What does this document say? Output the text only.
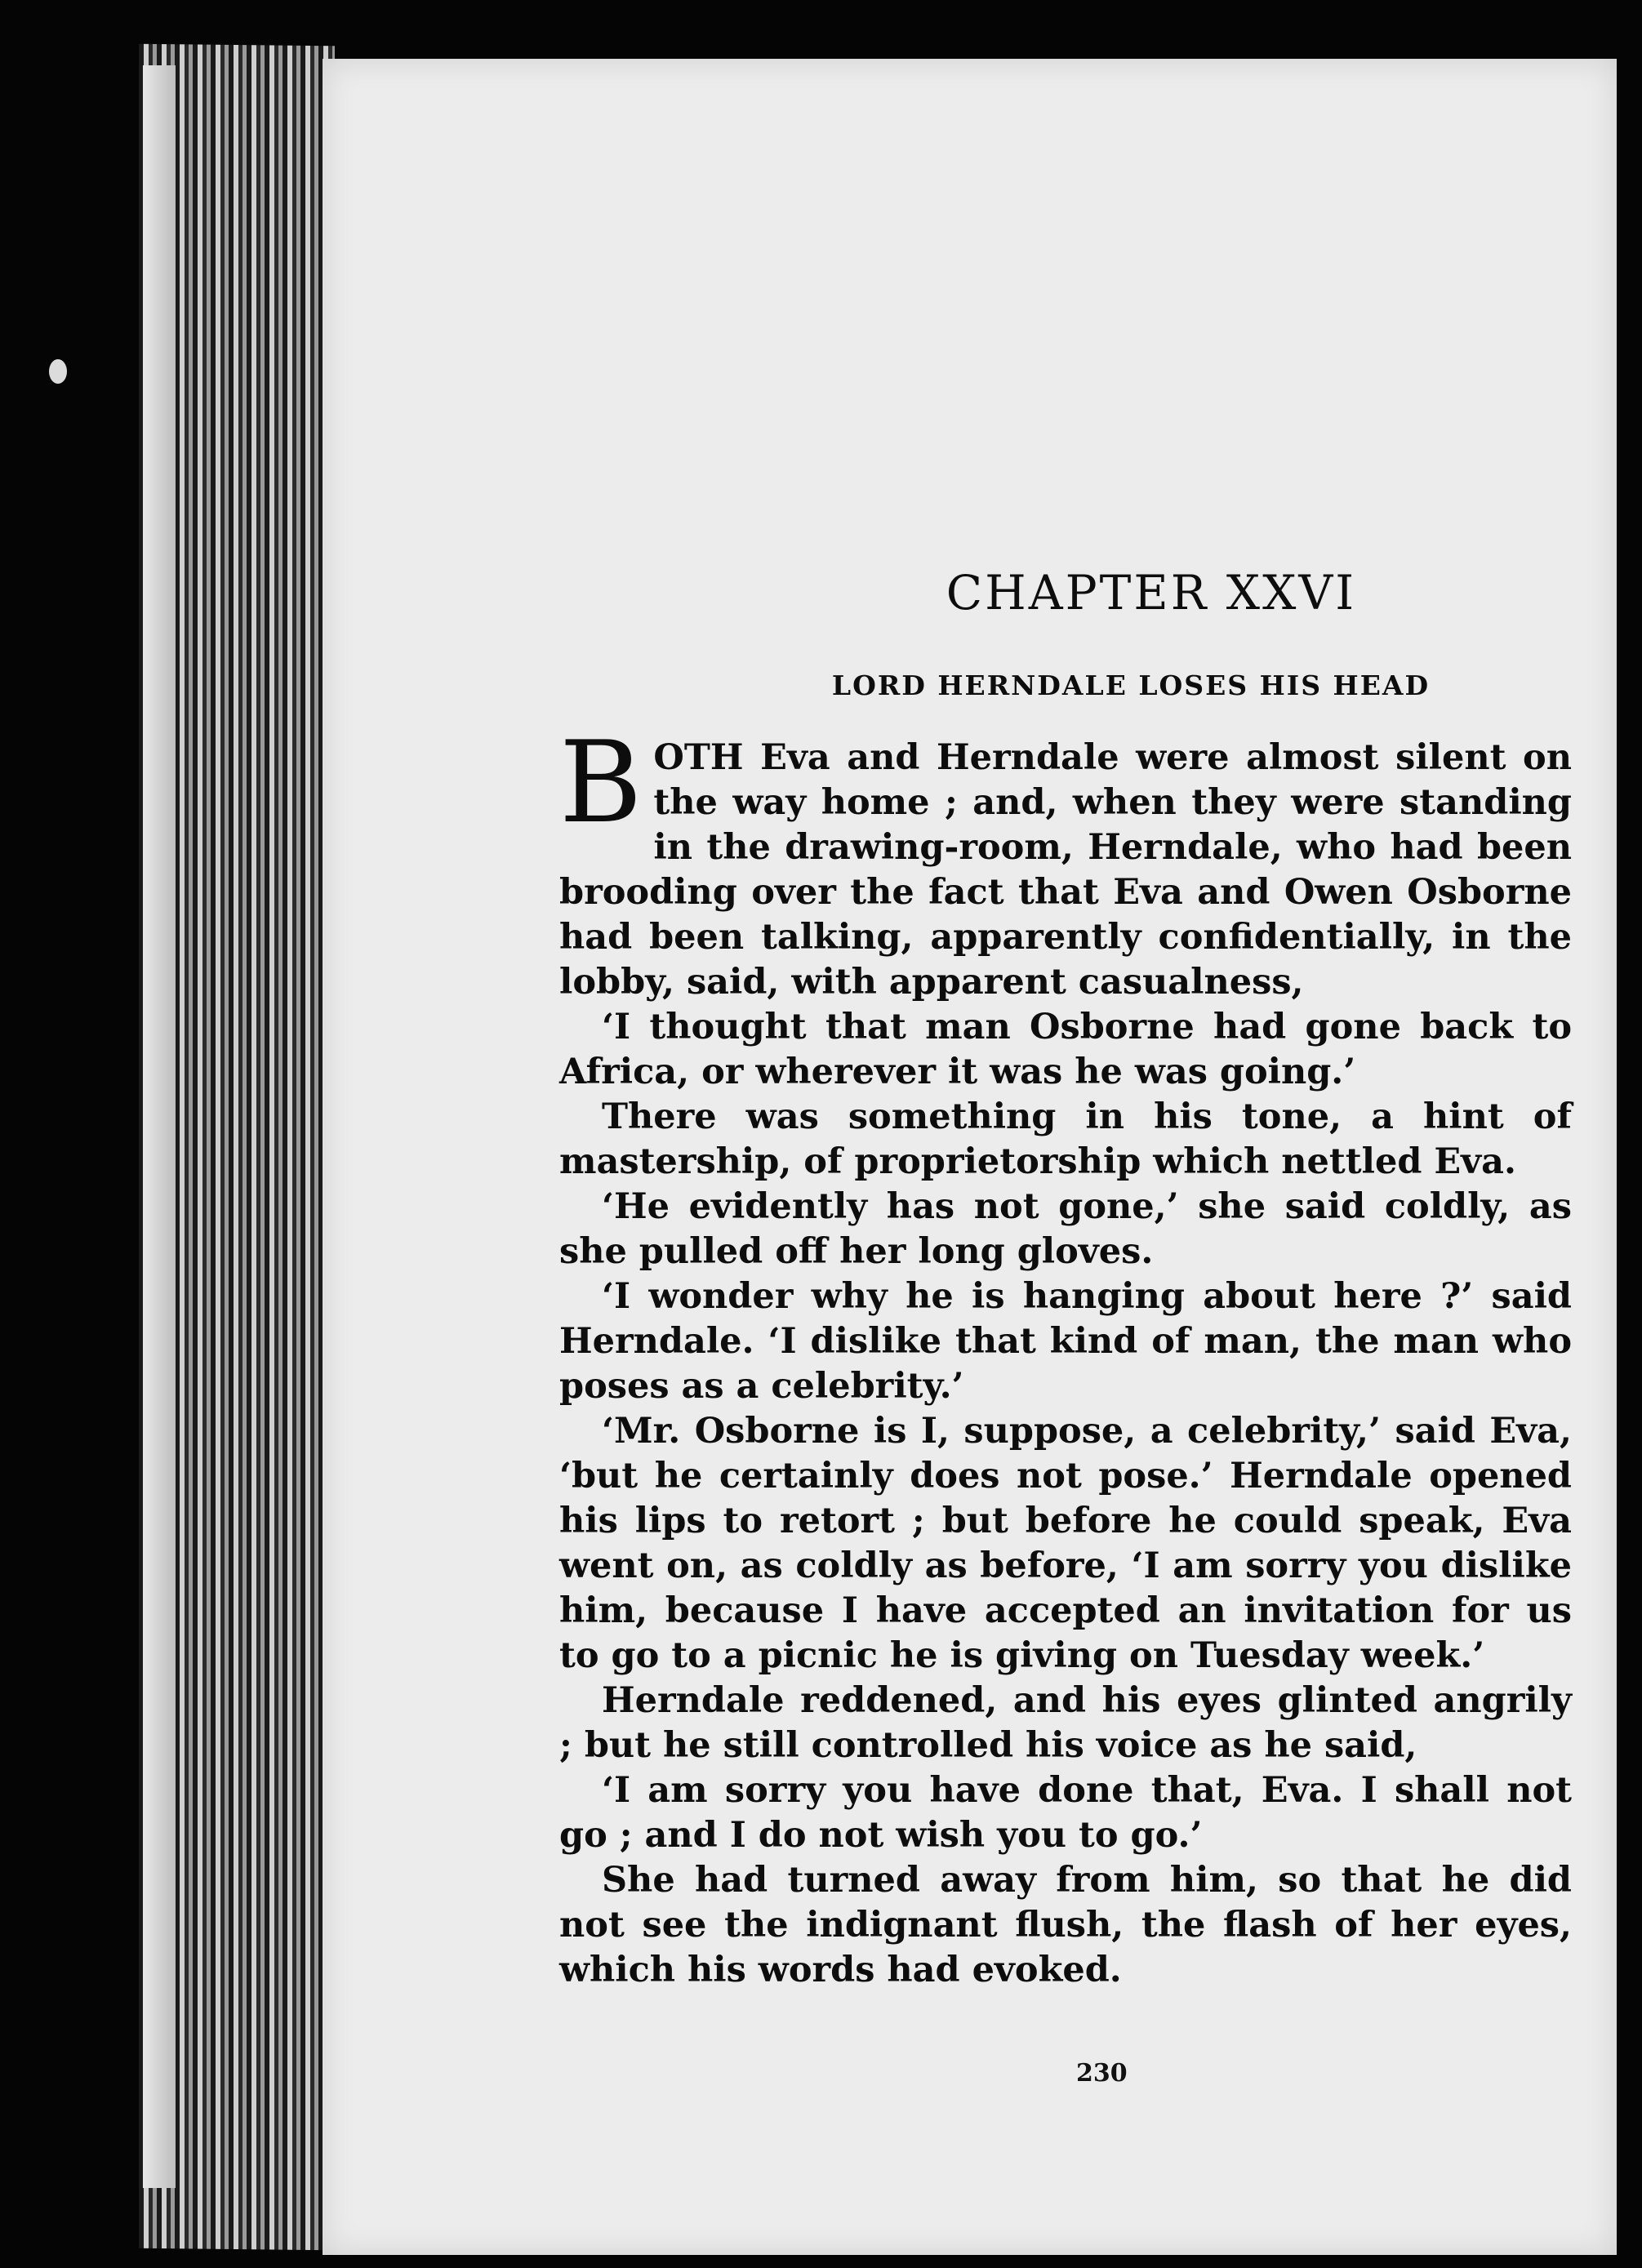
CHAPTER XXVI
LORD HERNDALE LOSES HIS HEAD

BOTH Eva and Herndale were almost silent on the way home ; and, when they were standing in the drawing-room, Herndale, who had been brooding over the fact that Eva and Owen Osborne had been talking, apparently confidentially, in the lobby, said, with apparent casualness,

‘I thought that man Osborne had gone back to Africa, or wherever it was he was going.’

There was something in his tone, a hint of mastership, of proprietorship which nettled Eva.

‘He evidently has not gone,’ she said coldly, as she pulled off her long gloves.

‘I wonder why he is hanging about here ?’ said Herndale. ‘I dislike that kind of man, the man who poses as a celebrity.’

‘Mr. Osborne is I, suppose, a celebrity,’ said Eva, ‘but he certainly does not pose.’ Herndale opened his lips to retort ; but before he could speak, Eva went on, as coldly as before, ‘I am sorry you dislike him, because I have accepted an invitation for us to go to a picnic he is giving on Tuesday week.’

Herndale reddened, and his eyes glinted angrily ; but he still controlled his voice as he said,

‘I am sorry you have done that, Eva. I shall not go ; and I do not wish you to go.’

She had turned away from him, so that he did not see the indignant flush, the flash of her eyes, which his words had evoked.

230
